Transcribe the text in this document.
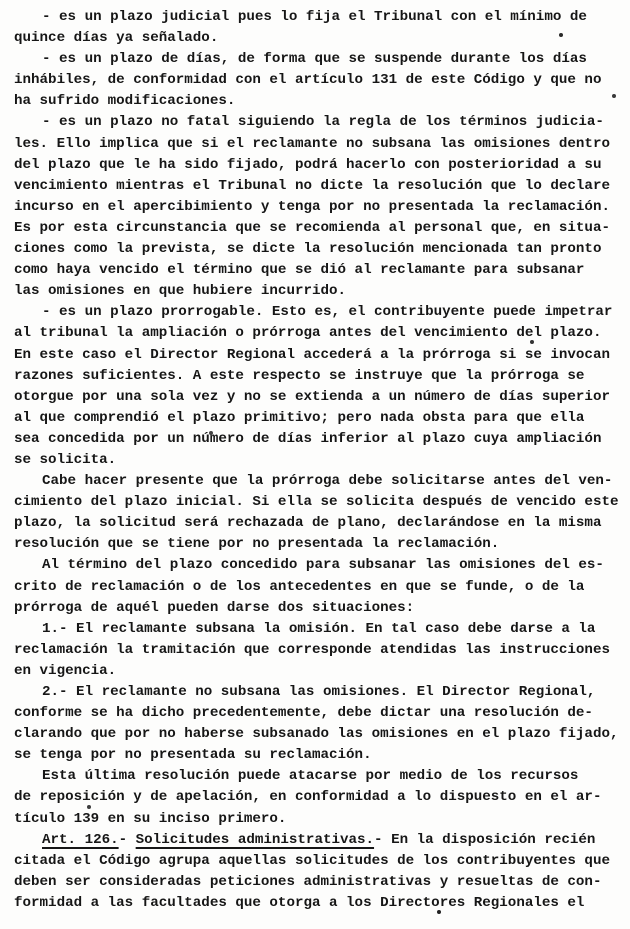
- es un plazo judicial pues lo fija el Tribunal con el mínimo de
quince días ya señalado.
- es un plazo de días, de forma que se suspende durante los días
inhábiles, de conformidad con el artículo 131 de este Código y que no
ha sufrido modificaciones.
- es un plazo no fatal siguiendo la regla de los términos judicia-
les. Ello implica que si el reclamante no subsana las omisiones dentro
del plazo que le ha sido fijado, podrá hacerlo con posterioridad a su
vencimiento mientras el Tribunal no dicte la resolución que lo declare
incurso en el apercibimiento y tenga por no presentada la reclamación.
Es por esta circunstancia que se recomienda al personal que, en situa-
ciones como la prevista, se dicte la resolución mencionada tan pronto
como haya vencido el término que se dió al reclamante para subsanar
las omisiones en que hubiere incurrido.
- es un plazo prorrogable. Esto es, el contribuyente puede impetrar
al tribunal la ampliación o prórroga antes del vencimiento del plazo.
En este caso el Director Regional accederá a la prórroga si se invocan
razones suficientes. A este respecto se instruye que la prórroga se
otorgue por una sola vez y no se extienda a un número de días superior
al que comprendió el plazo primitivo; pero nada obsta para que ella
sea concedida por un número de días inferior al plazo cuya ampliación
se solicita.
Cabe hacer presente que la prórroga debe solicitarse antes del ven-
cimiento del plazo inicial. Si ella se solicita después de vencido este
plazo, la solicitud será rechazada de plano, declarándose en la misma
resolución que se tiene por no presentada la reclamación.
Al término del plazo concedido para subsanar las omisiones del es-
crito de reclamación o de los antecedentes en que se funde, o de la
prórroga de aquél pueden darse dos situaciones:
1.- El reclamante subsana la omisión. En tal caso debe darse a la
reclamación la tramitación que corresponde atendidas las instrucciones
en vigencia.
2.- El reclamante no subsana las omisiones. El Director Regional,
conforme se ha dicho precedentemente, debe dictar una resolución de-
clarando que por no haberse subsanado las omisiones en el plazo fijado,
se tenga por no presentada su reclamación.
Esta última resolución puede atacarse por medio de los recursos
de reposición y de apelación, en conformidad a lo dispuesto en el ar-
tículo 139 en su inciso primero.
Art. 126.- Solicitudes administrativas.- En la disposición recién
citada el Código agrupa aquellas solicitudes de los contribuyentes que
deben ser consideradas peticiones administrativas y resueltas de con-
formidad a las facultades que otorga a los Directores Regionales el
